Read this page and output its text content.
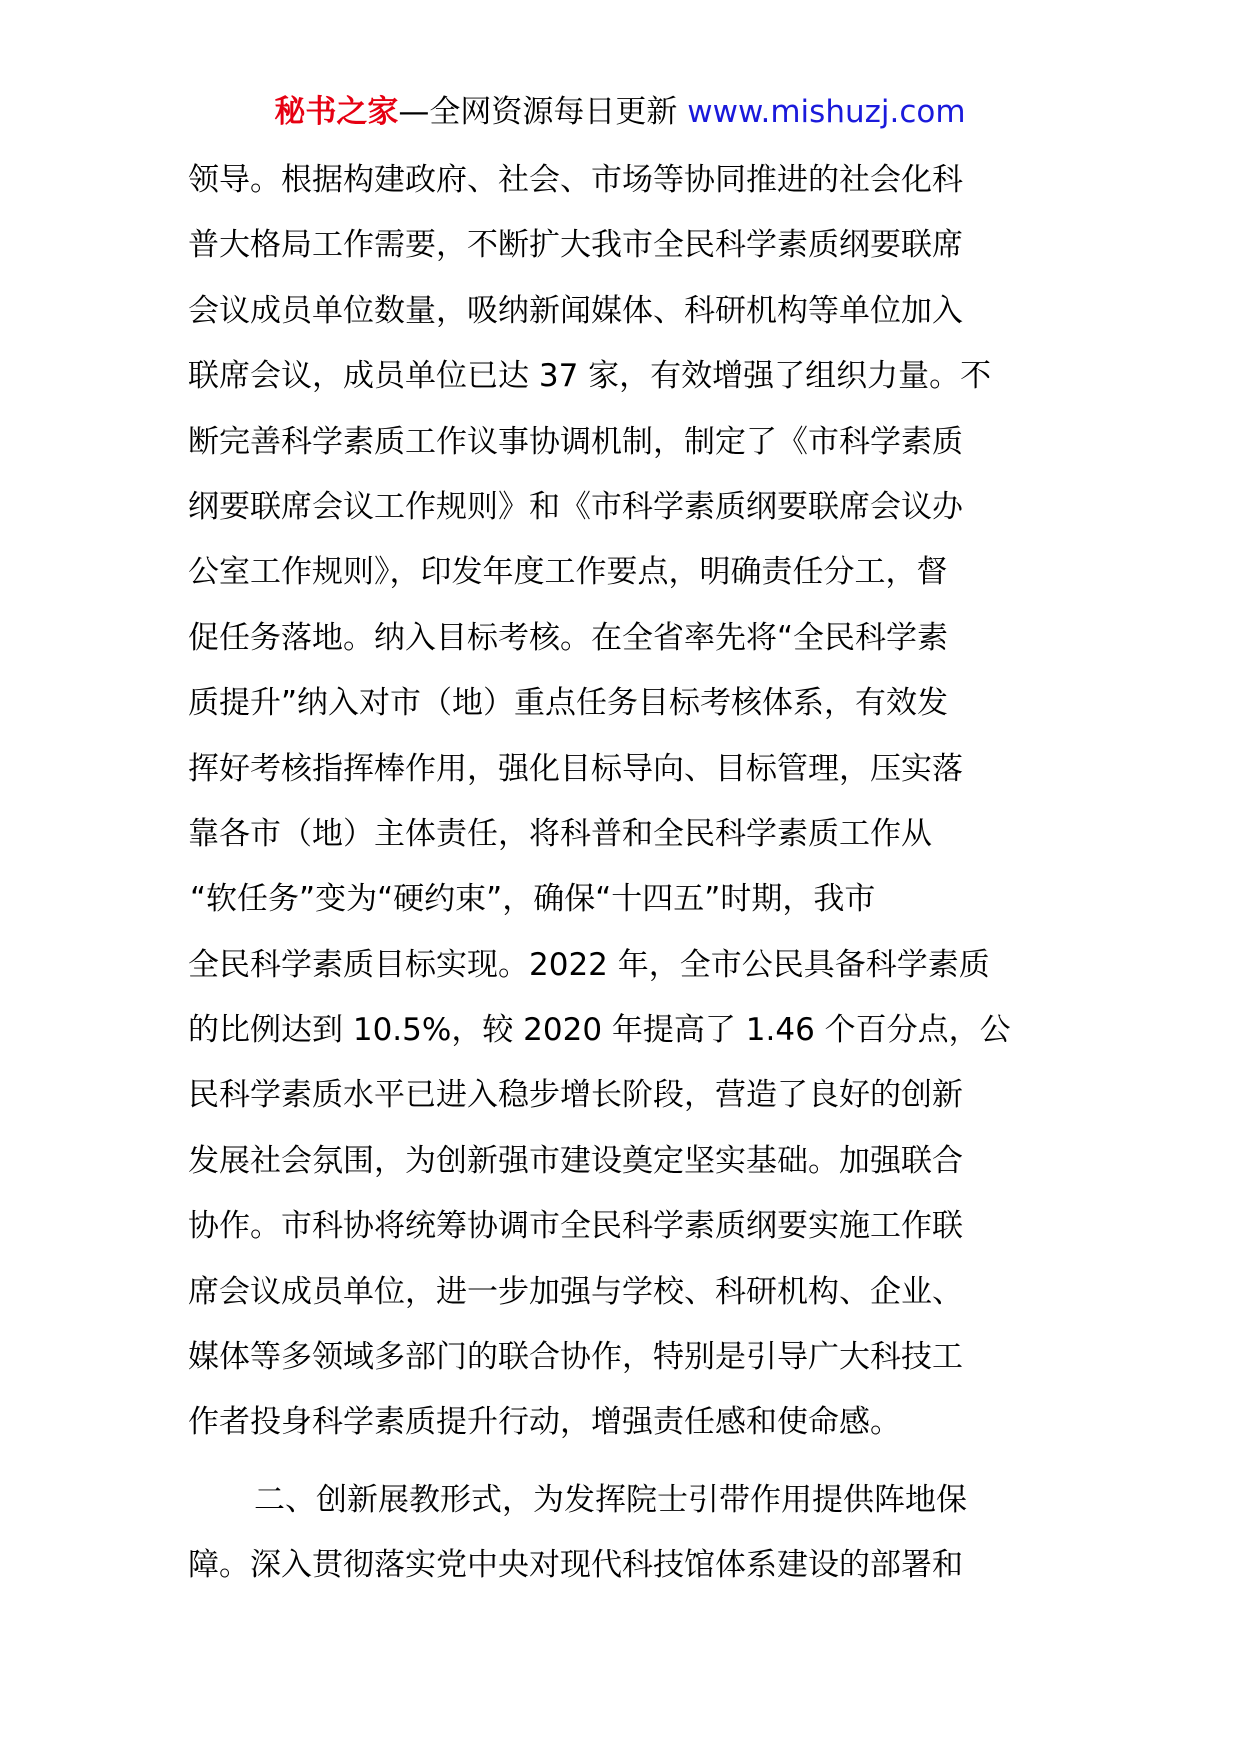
秘书之家—全网资源每日更新 www.mishuzj.com
领导。根据构建政府、社会、市场等协同推进的社会化科
普大格局工作需要，不断扩大我市全民科学素质纲要联席
会议成员单位数量，吸纳新闻媒体、科研机构等单位加入
联席会议，成员单位已达 37 家，有效增强了组织力量。不
断完善科学素质工作议事协调机制，制定了《市科学素质
纲要联席会议工作规则》和《市科学素质纲要联席会议办
公室工作规则》，印发年度工作要点，明确责任分工，督
促任务落地。纳入目标考核。在全省率先将“全民科学素
质提升”纳入对市（地）重点任务目标考核体系，有效发
挥好考核指挥棒作用，强化目标导向、目标管理，压实落
靠各市（地）主体责任，将科普和全民科学素质工作从
“软任务”变为“硬约束”，确保“十四五”时期，我市
全民科学素质目标实现。2022 年，全市公民具备科学素质
的比例达到 10.5%，较 2020 年提高了 1.46 个百分点，公
民科学素质水平已进入稳步增长阶段，营造了良好的创新
发展社会氛围，为创新强市建设奠定坚实基础。加强联合
协作。市科协将统筹协调市全民科学素质纲要实施工作联
席会议成员单位，进一步加强与学校、科研机构、企业、
媒体等多领域多部门的联合协作，特别是引导广大科技工
作者投身科学素质提升行动，增强责任感和使命感。
二、创新展教形式，为发挥院士引带作用提供阵地保
障。深入贯彻落实党中央对现代科技馆体系建设的部署和
